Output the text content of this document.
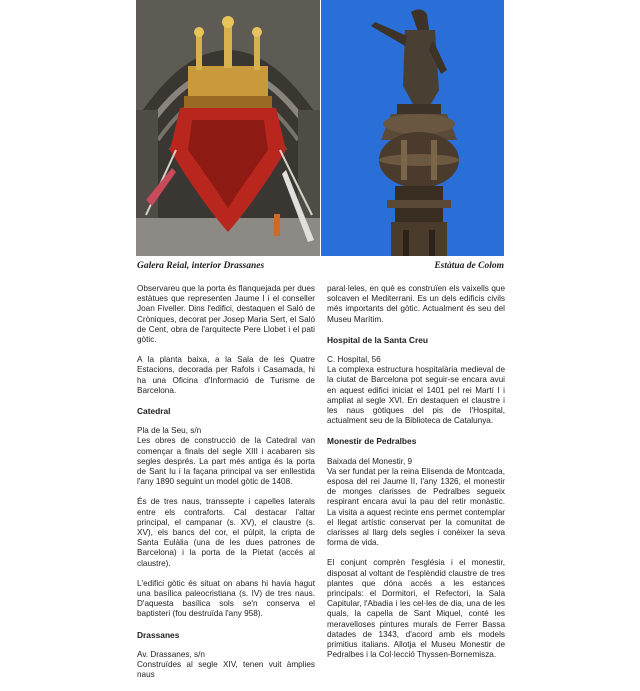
Galera Reial, interior Drassanes	Estàtua de Colom

Observareu que la porta és flanquejada per dues estàtues que representen Jaume I i el conseller Joan Fiveller. Dins l'edifici, destaquen el Saló de Cròniques, decorat per Josep Maria Sert, el Saló de Cent, obra de l'arquitecte Pere Llobet i el pati gòtic.

A la planta baixa, a la Sala de les Quatre Estacions, decorada per Rafols i Casamada, hi ha una Oficina d'Informació de Turisme de Barcelona.

Catedral

Pla de la Seu, s/n

Les obres de construcció de la Catedral van començar a finals del segle XIII i acabaren sis segles després. La part més antiga és la porta de Sant Iu i la façana principal va ser enllestida l'any 1890 seguint un model gòtic de 1408.

És de tres naus, transsepte i capelles laterals entre els contraforts. Cal destacar l'altar principal, el campanar (s. XV), el claustre (s. XV), els bancs del cor, el púlpit, la cripta de Santa Eulàlia (una de les dues patrones de Barcelona) i la porta de la Pietat (accés al claustre).

L'edifici gòtic és situat on abans hi havia hagut una basílica paleocristiana (s. IV) de tres naus. D'aquesta basílica sols se'n conserva el baptisteri (fou destruïda l'any 958).

Drassanes

Av. Drassanes, s/n

Construïdes al segle XIV, tenen vuit àmplies naus

paral·leles, en què es construïen els vaixells que solcaven el Mediterrani. Es un dels edificis civils més importants del gòtic. Actualment és seu del Museu Marítim.

Hospital de la Santa Creu

C. Hospital, 56

La complexa estructura hospitalària medieval de la ciutat de Barcelona pot seguir-se encara avui en aquest edifici iniciat el 1401 pel rei Martí I i ampliat al segle XVI. En destaquen el claustre i les naus gòtiques del pis de l'Hospital, actualment seu de la Biblioteca de Catalunya.

Monestir de Pedralbes

Baixada del Monestir, 9

Va ser fundat per la reina Elisenda de Montcada, esposa del rei Jaume II, l'any 1326, el monestir de monges clarisses de Pedralbes segueix respirant encara avui la pau del retir monàstic. La visita a aquest recinte ens permet contemplar el llegat artístic conservat per la comunitat de clarisses al llarg dels segles i conèixer la seva forma de vida.

El conjunt comprèn l'església i el monestir, disposat al voltant de l'esplèndid claustre de tres plantes que dóna accés a les estances principals: el Dormitori, el Refectori, la Sala Capitular, l'Abadia i les cel·les de dia, una de les quals, la capella de Sant Miquel, conté les meravelloses pintures murals de Ferrer Bassa datades de 1343, d'acord amb els models primitius italians. Allotja el Museu Monestir de Pedralbes i la Col·lecció Thyssen-Bornemisza.
